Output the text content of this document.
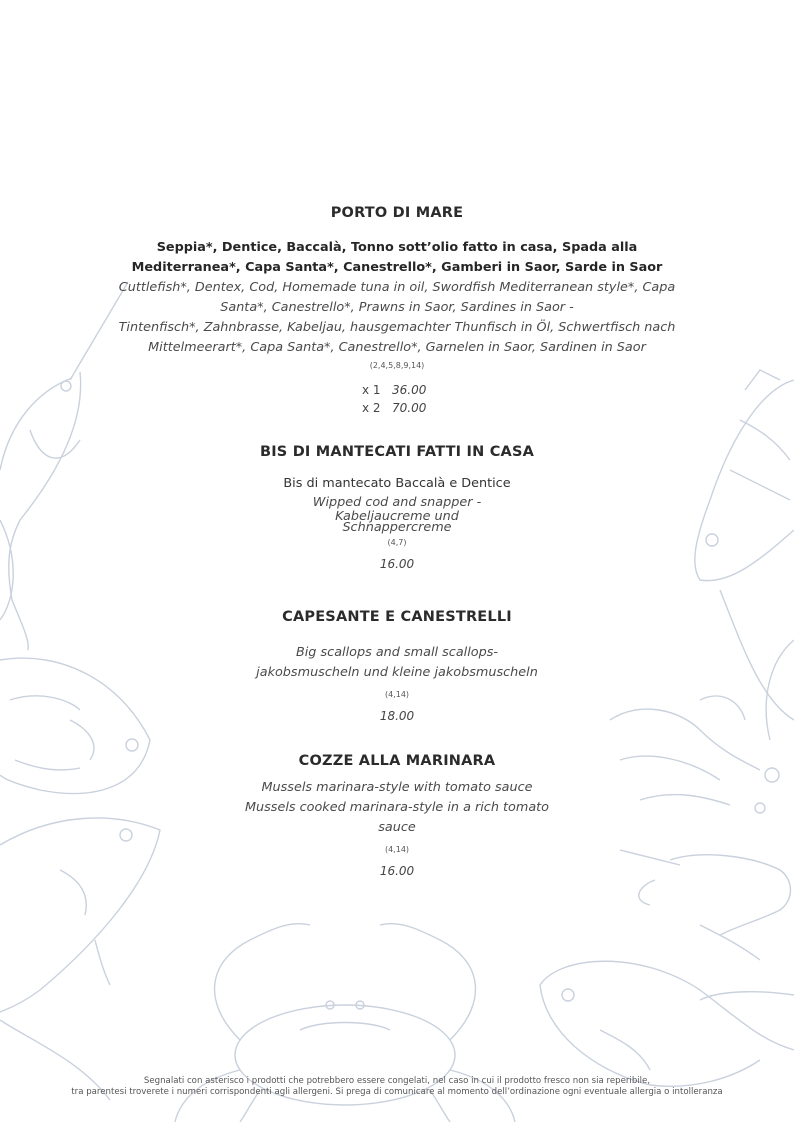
PORTO DI MARE
Seppia*, Dentice, Baccalà, Tonno sott’olio fatto in casa, Spada alla
Mediterranea*, Capa Santa*, Canestrello*, Gamberi in Saor, Sarde in Saor
Cuttlefish*, Dentex, Cod, Homemade tuna in oil, Swordfish Mediterranean style*, Capa
Santa*, Canestrello*, Prawns in Saor, Sardines in Saor -
Tintenfisch*, Zahnbrasse, Kabeljau, hausgemachter Thunfisch in Öl, Schwertfisch nach
Mittelmeerart*, Capa Santa*, Canestrello*, Garnelen in Saor, Sardinen in Saor
(2,4,5,8,9,14)
x 1 36.00
x 2 70.00
BIS DI MANTECATI FATTI IN CASA
Bis di mantecato Baccalà e Dentice
Wipped cod and snapper -
Kabeljaucreme und
Schnappercreme
(4,7)
16.00
CAPESANTE E CANESTRELLI
Big scallops and small scallops-
jakobsmuscheln und kleine jakobsmuscheln
(4,14)
18.00
COZZE ALLA MARINARA
Mussels marinara-style with tomato sauce
Mussels cooked marinara-style in a rich tomato
sauce
(4,14)
16.00
Segnalati con asterisco i prodotti che potrebbero essere congelati, nel caso in cui il prodotto fresco non sia reperibile,
tra parentesi troverete i numeri corrispondenti agli allergeni. Si prega di comunicare al momento dell’ordinazione ogni eventuale allergia o intolleranza
